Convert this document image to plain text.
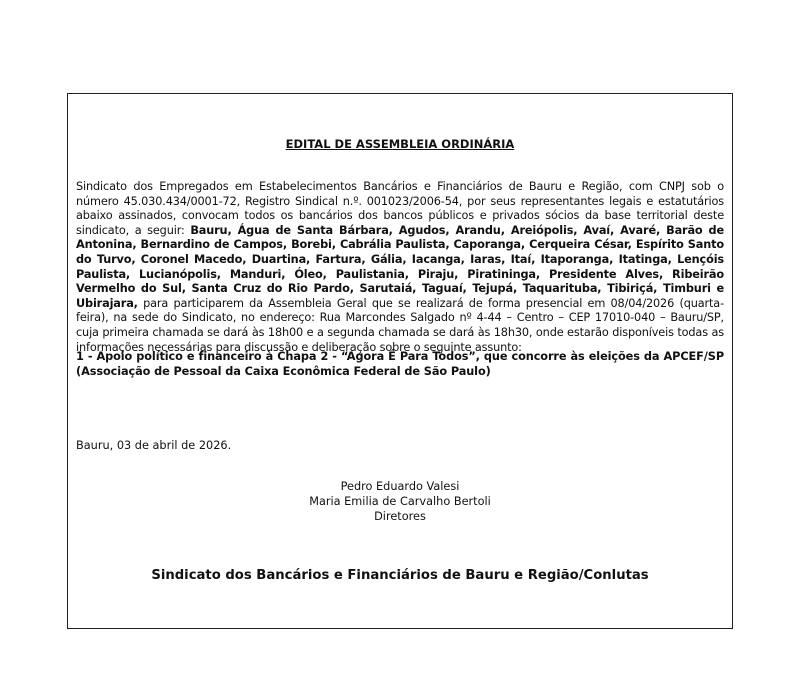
EDITAL DE ASSEMBLEIA ORDINÁRIA
Sindicato dos Empregados em Estabelecimentos Bancários e Financiários de Bauru e Região, com CNPJ sob o número 45.030.434/0001-72, Registro Sindical n.º. 001023/2006-54, por seus representantes legais e estatutários abaixo assinados, convocam todos os bancários dos bancos públicos e privados sócios da base territorial deste sindicato, a seguir: Bauru, Água de Santa Bárbara, Agudos, Arandu, Areiópolis, Avaí, Avaré, Barão de Antonina, Bernardino de Campos, Borebi, Cabrália Paulista, Caporanga, Cerqueira César, Espírito Santo do Turvo, Coronel Macedo, Duartina, Fartura, Gália, Iacanga, Iaras, Itaí, Itaporanga, Itatinga, Lençóis Paulista, Lucianópolis, Manduri, Óleo, Paulistania, Piraju, Piratininga, Presidente Alves, Ribeirão Vermelho do Sul, Santa Cruz do Rio Pardo, Sarutaiá, Taguaí, Tejupá, Taquarituba, Tibiriçá, Timburi e Ubirajara, para participarem da Assembleia Geral que se realizará de forma presencial em 08/04/2026 (quarta-feira), na sede do Sindicato, no endereço: Rua Marcondes Salgado nº 4-44 – Centro – CEP 17010-040 – Bauru/SP, cuja primeira chamada se dará às 18h00 e a segunda chamada se dará às 18h30, onde estarão disponíveis todas as informações necessárias para discussão e deliberação sobre o seguinte assunto:
1 - Apoio político e financeiro à Chapa 2 - “Agora É Para Todos”, que concorre às eleições da APCEF/SP (Associação de Pessoal da Caixa Econômica Federal de São Paulo)
Bauru, 03 de abril de 2026.
Pedro Eduardo Valesi
Maria Emilia de Carvalho Bertoli
Diretores
Sindicato dos Bancários e Financiários de Bauru e Região/Conlutas
